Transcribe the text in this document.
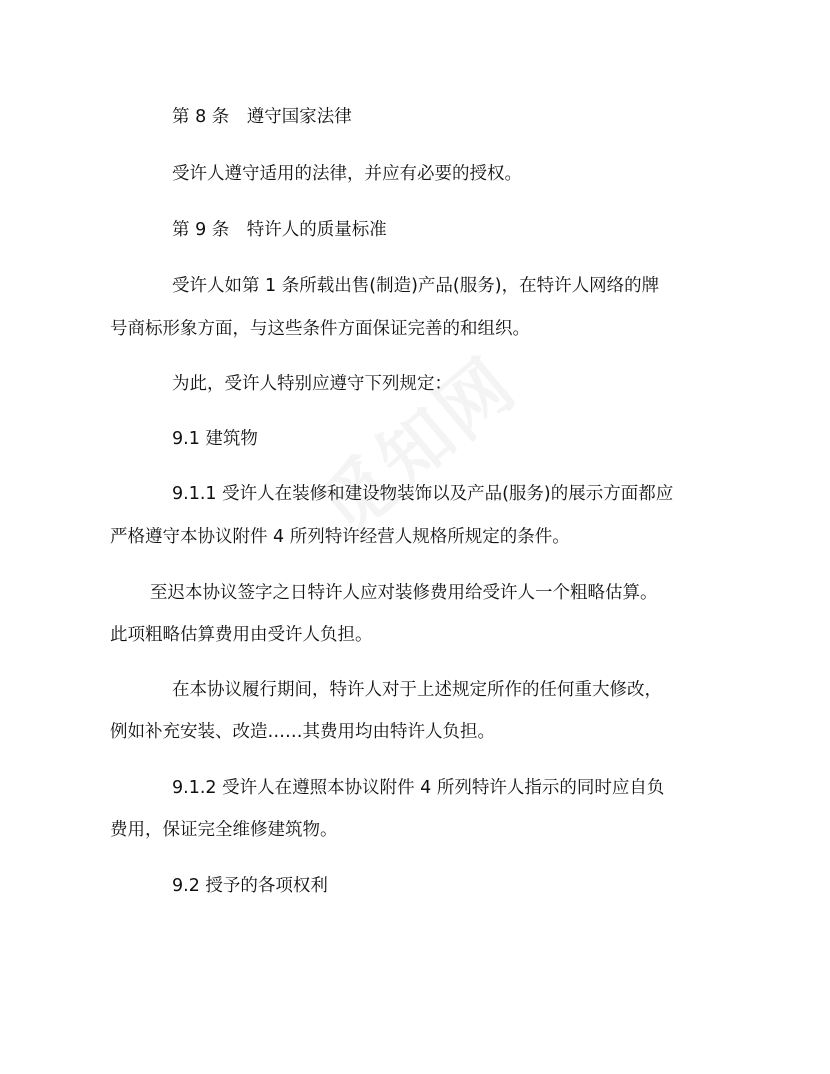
第 8 条　遵守国家法律
受许人遵守适用的法律，并应有必要的授权。
第 9 条　特许人的质量标准
受许人如第 1 条所载出售(制造)产品(服务)，在特许人网络的牌
号商标形象方面，与这些条件方面保证完善的和组织。
为此，受许人特别应遵守下列规定：
9.1 建筑物
9.1.1 受许人在装修和建设物装饰以及产品(服务)的展示方面都应
严格遵守本协议附件 4 所列特许经营人规格所规定的条件。
至迟本协议签字之日特许人应对装修费用给受许人一个粗略估算。
此项粗略估算费用由受许人负担。
在本协议履行期间，特许人对于上述规定所作的任何重大修改，
例如补充安装、改造……其费用均由特许人负担。
9.1.2 受许人在遵照本协议附件 4 所列特许人指示的同时应自负
费用，保证完全维修建筑物。
9.2 授予的各项权利
